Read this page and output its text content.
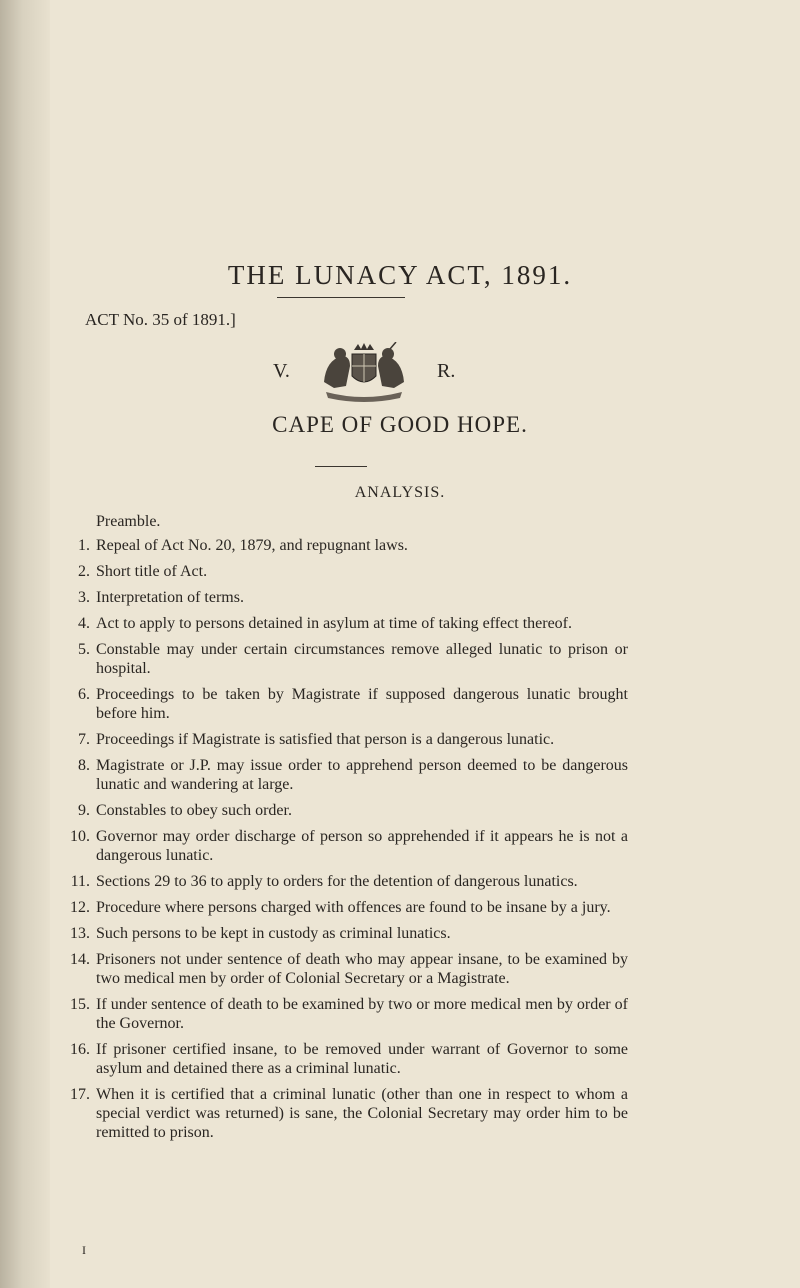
THE LUNACY ACT, 1891.
ACT No. 35 of 1891.]
V.	R.
CAPE OF GOOD HOPE.
ANALYSIS.
Preamble.
1. Repeal of Act No. 20, 1879, and repugnant laws.
2. Short title of Act.
3. Interpretation of terms.
4. Act to apply to persons detained in asylum at time of taking effect thereof.
5. Constable may under certain circumstances remove alleged lunatic to prison or hospital.
6. Proceedings to be taken by Magistrate if supposed dangerous lunatic brought before him.
7. Proceedings if Magistrate is satisfied that person is a dangerous lunatic.
8. Magistrate or J.P. may issue order to apprehend person deemed to be dangerous lunatic and wandering at large.
9. Constables to obey such order.
10. Governor may order discharge of person so apprehended if it appears he is not a dangerous lunatic.
11. Sections 29 to 36 to apply to orders for the detention of dangerous lunatics.
12. Procedure where persons charged with offences are found to be insane by a jury.
13. Such persons to be kept in custody as criminal lunatics.
14. Prisoners not under sentence of death who may appear insane, to be examined by two medical men by order of Colonial Secretary or a Magistrate.
15. If under sentence of death to be examined by two or more medical men by order of the Governor.
16. If prisoner certified insane, to be removed under warrant of Governor to some asylum and detained there as a criminal lunatic.
17. When it is certified that a criminal lunatic (other than one in respect to whom a special verdict was returned) is sane, the Colonial Secretary may order him to be remitted to prison.
I
